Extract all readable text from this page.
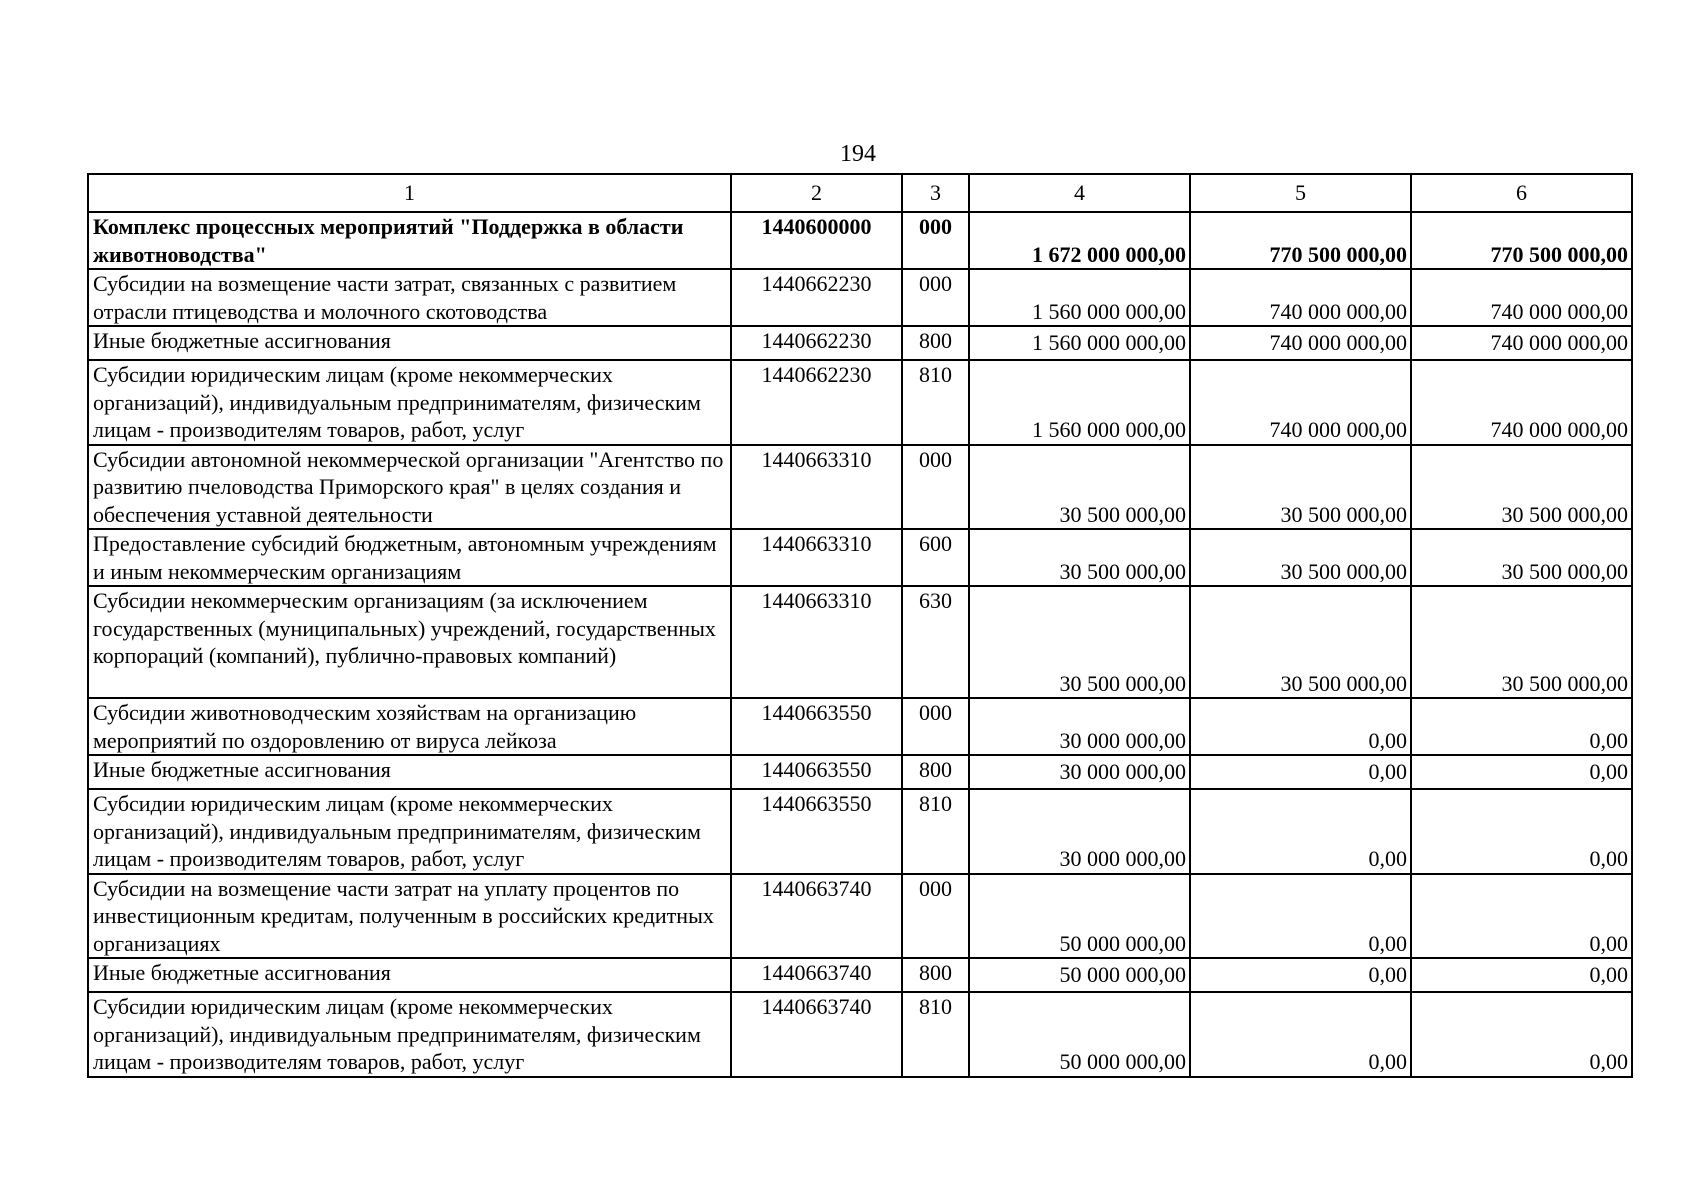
194
1	2	3	4	5	6
Комплекс процессных мероприятий "Поддержка в области животноводства"	1440600000	000	1 672 000 000,00	770 500 000,00	770 500 000,00
Субсидии на возмещение части затрат, связанных с развитием отрасли птицеводства и молочного скотоводства	1440662230	000	1 560 000 000,00	740 000 000,00	740 000 000,00
Иные бюджетные ассигнования	1440662230	800	1 560 000 000,00	740 000 000,00	740 000 000,00
Субсидии юридическим лицам (кроме некоммерческих организаций), индивидуальным предпринимателям, физическим лицам - производителям товаров, работ, услуг	1440662230	810	1 560 000 000,00	740 000 000,00	740 000 000,00
Субсидии автономной некоммерческой организации "Агентство по развитию пчеловодства Приморского края" в целях создания и обеспечения уставной деятельности	1440663310	000	30 500 000,00	30 500 000,00	30 500 000,00
Предоставление субсидий бюджетным, автономным учреждениям и иным некоммерческим организациям	1440663310	600	30 500 000,00	30 500 000,00	30 500 000,00
Субсидии некоммерческим организациям (за исключением государственных (муниципальных) учреждений, государственных корпораций (компаний), публично-правовых компаний)	1440663310	630	30 500 000,00	30 500 000,00	30 500 000,00
Субсидии животноводческим хозяйствам на организацию мероприятий по оздоровлению от вируса лейкоза	1440663550	000	30 000 000,00	0,00	0,00
Иные бюджетные ассигнования	1440663550	800	30 000 000,00	0,00	0,00
Субсидии юридическим лицам (кроме некоммерческих организаций), индивидуальным предпринимателям, физическим лицам - производителям товаров, работ, услуг	1440663550	810	30 000 000,00	0,00	0,00
Субсидии на возмещение части затрат на уплату процентов по инвестиционным кредитам, полученным в российских кредитных организациях	1440663740	000	50 000 000,00	0,00	0,00
Иные бюджетные ассигнования	1440663740	800	50 000 000,00	0,00	0,00
Субсидии юридическим лицам (кроме некоммерческих организаций), индивидуальным предпринимателям, физическим лицам - производителям товаров, работ, услуг	1440663740	810	50 000 000,00	0,00	0,00
